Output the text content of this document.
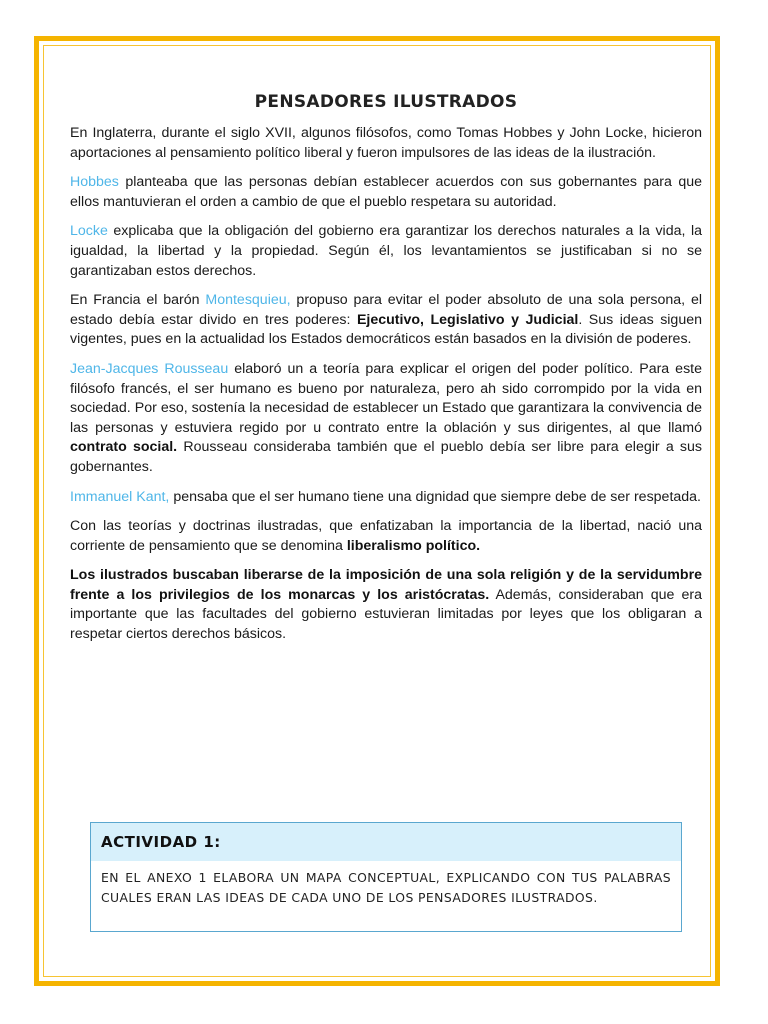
PENSADORES ILUSTRADOS

En Inglaterra, durante el siglo XVII, algunos filósofos, como Tomas Hobbes y John Locke, hicieron aportaciones al pensamiento político liberal y fueron impulsores de las ideas de la ilustración.

Hobbes planteaba que las personas debían establecer acuerdos con sus gobernantes para que ellos mantuvieran el orden a cambio de que el pueblo respetara su autoridad.

Locke explicaba que la obligación del gobierno era garantizar los derechos naturales a la vida, la igualdad, la libertad y la propiedad. Según él, los levantamientos se justificaban si no se garantizaban estos derechos.

En Francia el barón Montesquieu, propuso para evitar el poder absoluto de una sola persona, el estado debía estar divido en tres poderes: Ejecutivo, Legislativo y Judicial. Sus ideas siguen vigentes, pues en la actualidad los Estados democráticos están basados en la división de poderes.

Jean-Jacques Rousseau elaboró un a teoría para explicar el origen del poder político. Para este filósofo francés, el ser humano es bueno por naturaleza, pero ah sido corrompido por la vida en sociedad. Por eso, sostenía la necesidad de establecer un Estado que garantizara la convivencia de las personas y estuviera regido por u contrato entre la oblación y sus dirigentes, al que llamó contrato social. Rousseau consideraba también que el pueblo debía ser libre para elegir a sus gobernantes.

Immanuel Kant, pensaba que el ser humano tiene una dignidad que siempre debe de ser respetada.

Con las teorías y doctrinas ilustradas, que enfatizaban la importancia de la libertad, nació una corriente de pensamiento que se denomina liberalismo político.

Los ilustrados buscaban liberarse de la imposición de una sola religión y de la servidumbre frente a los privilegios de los monarcas y los aristócratas. Además, consideraban que era importante que las facultades del gobierno estuvieran limitadas por leyes que los obligaran a respetar ciertos derechos básicos.

ACTIVIDAD 1:
EN EL ANEXO 1 ELABORA UN MAPA CONCEPTUAL, EXPLICANDO CON TUS PALABRAS CUALES ERAN LAS IDEAS DE CADA UNO DE LOS PENSADORES ILUSTRADOS.
